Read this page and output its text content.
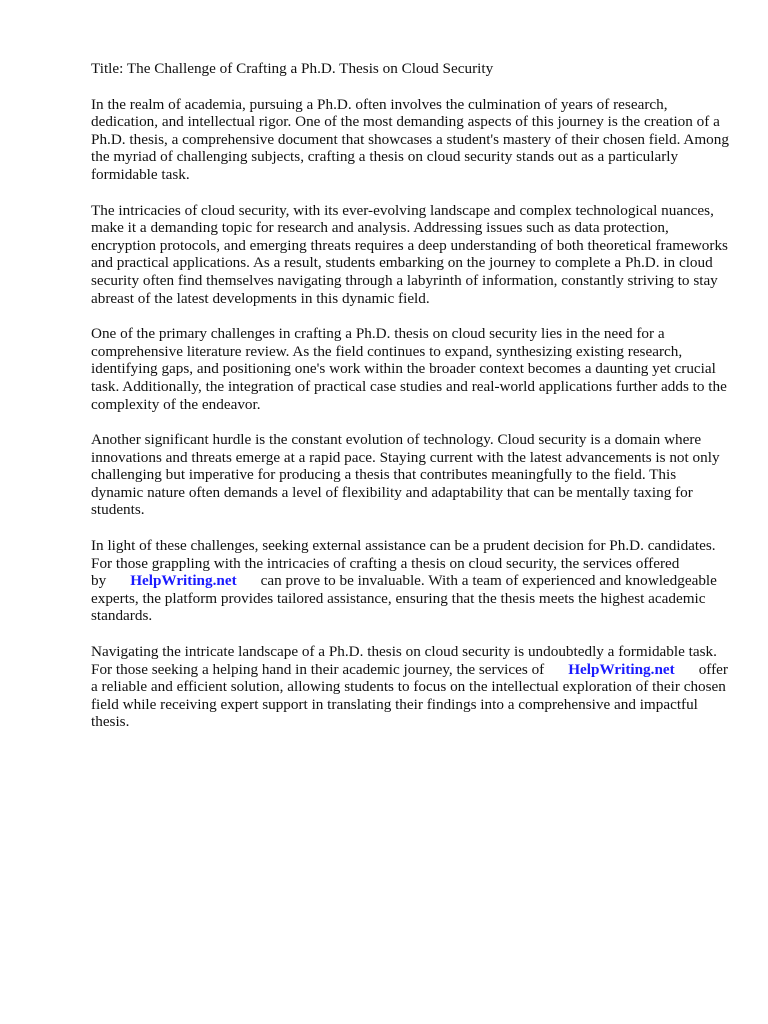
Title: The Challenge of Crafting a Ph.D. Thesis on Cloud Security

In the realm of academia, pursuing a Ph.D. often involves the culmination of years of research, dedication, and intellectual rigor. One of the most demanding aspects of this journey is the creation of a Ph.D. thesis, a comprehensive document that showcases a student's mastery of their chosen field. Among the myriad of challenging subjects, crafting a thesis on cloud security stands out as a particularly formidable task.

The intricacies of cloud security, with its ever-evolving landscape and complex technological nuances, make it a demanding topic for research and analysis. Addressing issues such as data protection, encryption protocols, and emerging threats requires a deep understanding of both theoretical frameworks and practical applications. As a result, students embarking on the journey to complete a Ph.D. in cloud security often find themselves navigating through a labyrinth of information, constantly striving to stay abreast of the latest developments in this dynamic field.

One of the primary challenges in crafting a Ph.D. thesis on cloud security lies in the need for a comprehensive literature review. As the field continues to expand, synthesizing existing research, identifying gaps, and positioning one's work within the broader context becomes a daunting yet crucial task. Additionally, the integration of practical case studies and real-world applications further adds to the complexity of the endeavor.

Another significant hurdle is the constant evolution of technology. Cloud security is a domain where innovations and threats emerge at a rapid pace. Staying current with the latest advancements is not only challenging but imperative for producing a thesis that contributes meaningfully to the field. This dynamic nature often demands a level of flexibility and adaptability that can be mentally taxing for students.

In light of these challenges, seeking external assistance can be a prudent decision for Ph.D. candidates. For those grappling with the intricacies of crafting a thesis on cloud security, the services offered by HelpWriting.net can prove to be invaluable. With a team of experienced and knowledgeable experts, the platform provides tailored assistance, ensuring that the thesis meets the highest academic standards.

Navigating the intricate landscape of a Ph.D. thesis on cloud security is undoubtedly a formidable task. For those seeking a helping hand in their academic journey, the services of HelpWriting.net offer a reliable and efficient solution, allowing students to focus on the intellectual exploration of their chosen field while receiving expert support in translating their findings into a comprehensive and impactful thesis.
